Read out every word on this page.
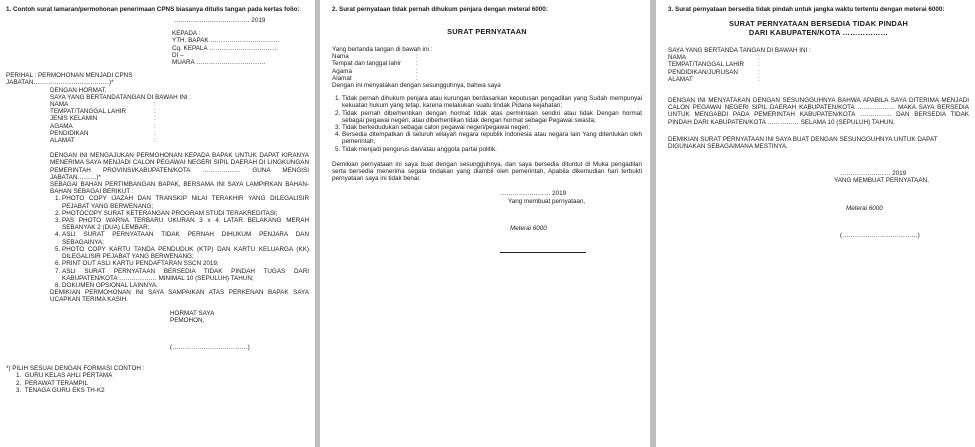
1. Contoh surat lamaran/permohonan penerimaan CPNS biasanya ditulis tangan pada kertas folio:

……………………………… 2019

KEPADA :

YTH. BAPAK ……………………………

Cq. KEPALA ……………………………

DI –

MUARA ……………………………

PERIHAL : PERMOHONAN MENJADI CPNS

JABATAN………………………………)*

DENGAN HORMAT,

SAYA YANG BERTANDATANGAN DI BAWAH INI :

NAMA	:

TEMPAT/TANGGAL LAHIR	:

JENIS KELAMIN	:

AGAMA	:

PENDIDIKAN	:

ALAMAT	:

DENGAN INI MENGAJUKAN PERMOHONAN KEPADA BAPAK UNTUK DAPAT KIRANYA MENERIMA SAYA MENJADI CALON PEGAWAI NEGERI SIPIL DAERAH DI LINGKUNGAN PEMERINTAH PROVINSI/KABUPATEN/KOTA ……………… GUNA MENGISI JABATAN………)*

SEBAGAI BAHAN PERTIMBANGAN BAPAK, BERSAMA INI SAYA LAMPIRKAN BAHAN-BAHAN SEBAGAI BERIKUT :

1. PHOTO COPY IJAZAH DAN TRANSKIP NILAI TERAKHIR YANG DILEGALISIR PEJABAT YANG BERWENANG;
2. PHOTOCOPY SURAT KETERANGAN PROGRAM STUDI TERAKREDITASI;
3. PAS PHOTO WARNA TERBARU UKURAN 3 x 4 LATAR BELAKANG MERAH SEBANYAK 2 (DUA) LEMBAR;
4. ASLI SURAT PERNYATAAN TIDAK PERNAH DIHUKUM PENJARA DAN SEBAGAINYA;
5. PHOTO COPY KARTU TANDA PENDUDUK (KTP) DAN KARTU KELUARGA (KK) DILEGALISIR PEJABAT YANG BERWENANG;
6. PRINT OUT ASLI KARTU PENDAFTARAN SSCN 2019;
7. ASLI SURAT PERNYATAAN BERSEDIA TIDAK PINDAH TUGAS DARI KABUPATEN/KOTA ……………… MINIMAL 10 (SEPULUH) TAHUN;
8. DOKUMEN OPSIONAL LAINNYA.

DEMIKIAN PERMOHONAN INI SAYA SAMPAIKAN ATAS PERKENAN BAPAK SAYA UCAPKAN TERIMA KASIH.

HORMAT SAYA

PEMOHON,

(………………………………)

*) PILIH SESUAI DENGAN FORMASI CONTOH :

1.  GURU KELAS AHLI PERTAMA

2.  PERAWAT TERAMPIL

3.  TENAGA GURU EKS TH-K2

2. Surat pernyataan tidak pernah dihukum penjara dengan meteral 6000:

SURAT PERNYATAAN

Yang bertanda tangan di bawah ini :

Nama	:

Tempat dan tanggal lahir :

Agama	:

Alamat	:

Dengan ini menyatakan dengan sesungguhnya, bahwa saya

1. Tidak pernah dihukum penjara atau kurungan berdasarkan keputusan pengadilan yang Sudah mempunyai kekuatan hukum yang tetap, karena melakukan suatu tindak Pidana kejahatan;
2. Tidak pernah diberhentikan dengan hormat tidak atas permintaan sendiri atau tidak Dengan hormat sebagai pegawai negeri, atau diberhentikan tidak dengan hormat sebagai Pegawai swasta;
3. Tidak berkedudukan sebagai calon pegawai negeri/pegawai negeri;
4. Bersedia ditempatkan di seluruh wilayah negara republik indonesia atau negara lain Yang ditentukan oleh pemerintah;
5. Tidak menjadi pengurus dan/atau anggota partai politik.

Demikian pernyataan ini saya buat dengan sesungguhnya, dan saya bersedia dituntut di Muka pengadilan serta bersedia menerima segala tindakan yang diambil oleh pemerintah, Apabila dikemudian hari terbukti pernyataan saya ini tidak benar.

…………………… 2019

Yang membuat pernyataan,

Meterai 6000

3. Surat pernyataan bersedia tidak pindah untuk jangka waktu tertentu dengan meterai 6000:

SURAT PERNYATAAN BERSEDIA TIDAK PINDAH

DARI KABUPATEN/KOTA ………………

SAYA YANG BERTANDA TANGAN DI BAWAH INI :

NAMA	:

TEMPAT/TANGGAL LAHIR :

PENDIDIKAN/JURUSAN	:

ALAMAT	:

DENGAN INI MENYATAKAN DENGAN SESUNGGUHNYA BAHWA APABILA SAYA DITERIMA MENJADI CALON PEGAWAI NEGERI SIPIL DAERAH KABUPATEN/KOTA ……………… MAKA SAYA BERSEDIA UNTUK MENGABDI PADA PEMERINTAH KABUPATEN/KOTA …………… DAN BERSEDIA TIDAK PINDAH DARI KABUPATEN/KOTA …………… SELAMA 10 (SEPULUH) TAHUN.

DEMIKIAN SURAT PERNYATAAN INI SAYA BUAT DENGAN SESUNGGUHNYA UNTUK DAPAT DIGUNAKAN SEBAGAIMANA MESTINYA.

…………………… 2019

YANG MEMBUAT PERNYATAAN,

Meterai 6000

(………………………………)
